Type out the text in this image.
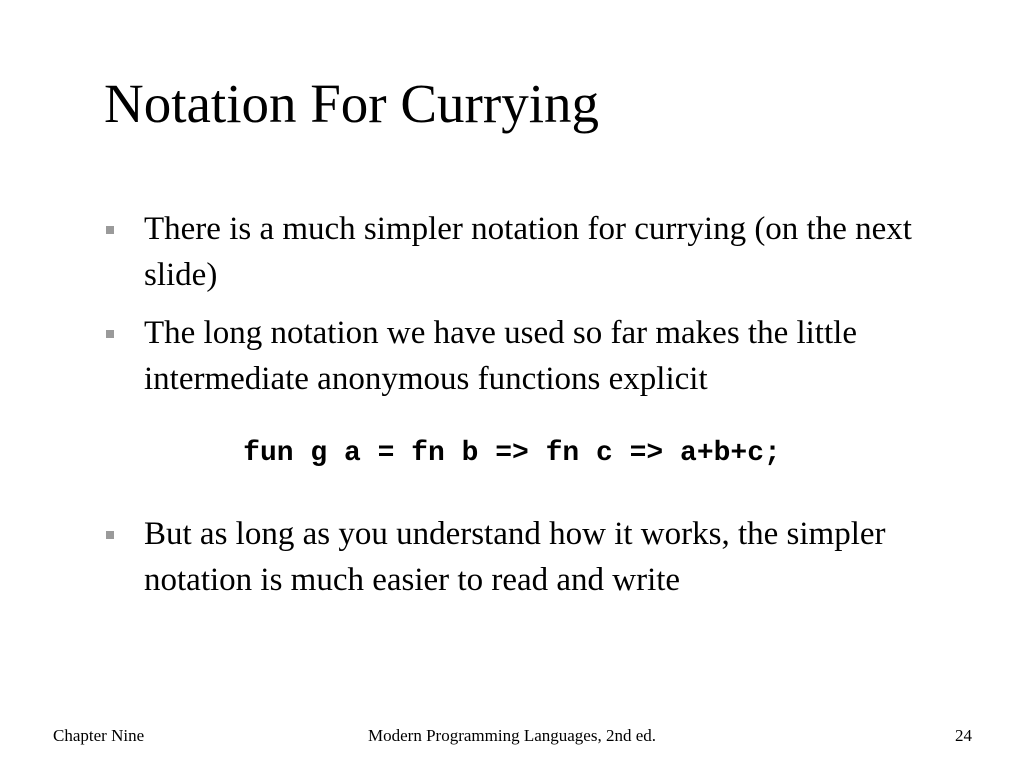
Notation For Currying
There is a much simpler notation for currying (on the next slide)
The long notation we have used so far makes the little intermediate anonymous functions explicit
fun g a = fn b => fn c => a+b+c;
But as long as you understand how it works, the simpler notation is much easier to read and write
Chapter Nine	Modern Programming Languages, 2nd ed.	24
